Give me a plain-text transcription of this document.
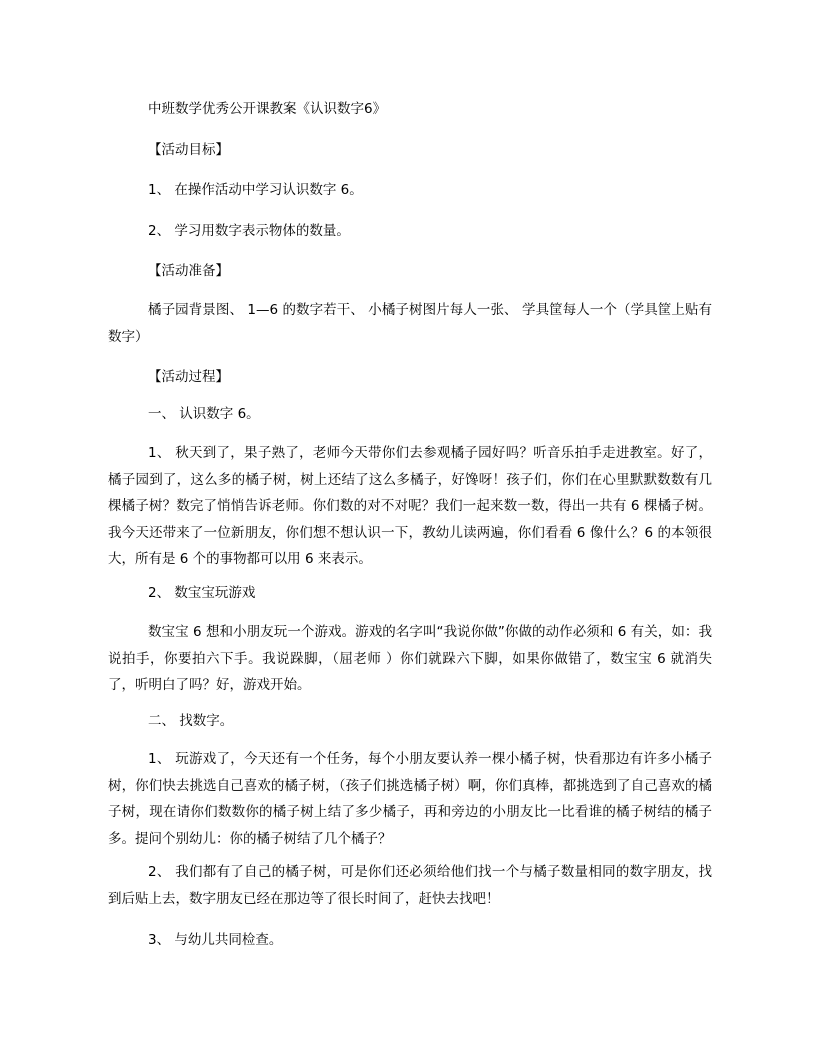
中班数学优秀公开课教案《认识数字6》
【活动目标】
1、 在操作活动中学习认识数字 6。
2、 学习用数字表示物体的数量。
【活动准备】
橘子园背景图、 1—6 的数字若干、 小橘子树图片每人一张、 学具筐每人一个（学具筐上贴有数字）
【活动过程】
一、 认识数字 6。
1、 秋天到了，果子熟了，老师今天带你们去参观橘子园好吗？听音乐拍手走进教室。好了，橘子园到了，这么多的橘子树，树上还结了这么多橘子，好馋呀！孩子们，你们在心里默默数数有几棵橘子树？数完了悄悄告诉老师。你们数的对不对呢？我们一起来数一数，得出一共有 6 棵橘子树。我今天还带来了一位新朋友，你们想不想认识一下，教幼儿读两遍，你们看看 6 像什么？6 的本领很大，所有是 6 个的事物都可以用 6 来表示。
2、 数宝宝玩游戏
数宝宝 6 想和小朋友玩一个游戏。游戏的名字叫“我说你做”你做的动作必须和 6 有关，如：我说拍手，你要拍六下手。我说跺脚，（屈老师 ）你们就跺六下脚，如果你做错了，数宝宝 6 就消失了，听明白了吗？好，游戏开始。
二、 找数字。
1、 玩游戏了，今天还有一个任务，每个小朋友要认养一棵小橘子树，快看那边有许多小橘子树，你们快去挑选自己喜欢的橘子树，（孩子们挑选橘子树）啊，你们真棒，都挑选到了自己喜欢的橘子树，现在请你们数数你的橘子树上结了多少橘子，再和旁边的小朋友比一比看谁的橘子树结的橘子多。提问个别幼儿：你的橘子树结了几个橘子？
2、 我们都有了自己的橘子树，可是你们还必须给他们找一个与橘子数量相同的数字朋友，找到后贴上去，数字朋友已经在那边等了很长时间了，赶快去找吧！
3、 与幼儿共同检查。
